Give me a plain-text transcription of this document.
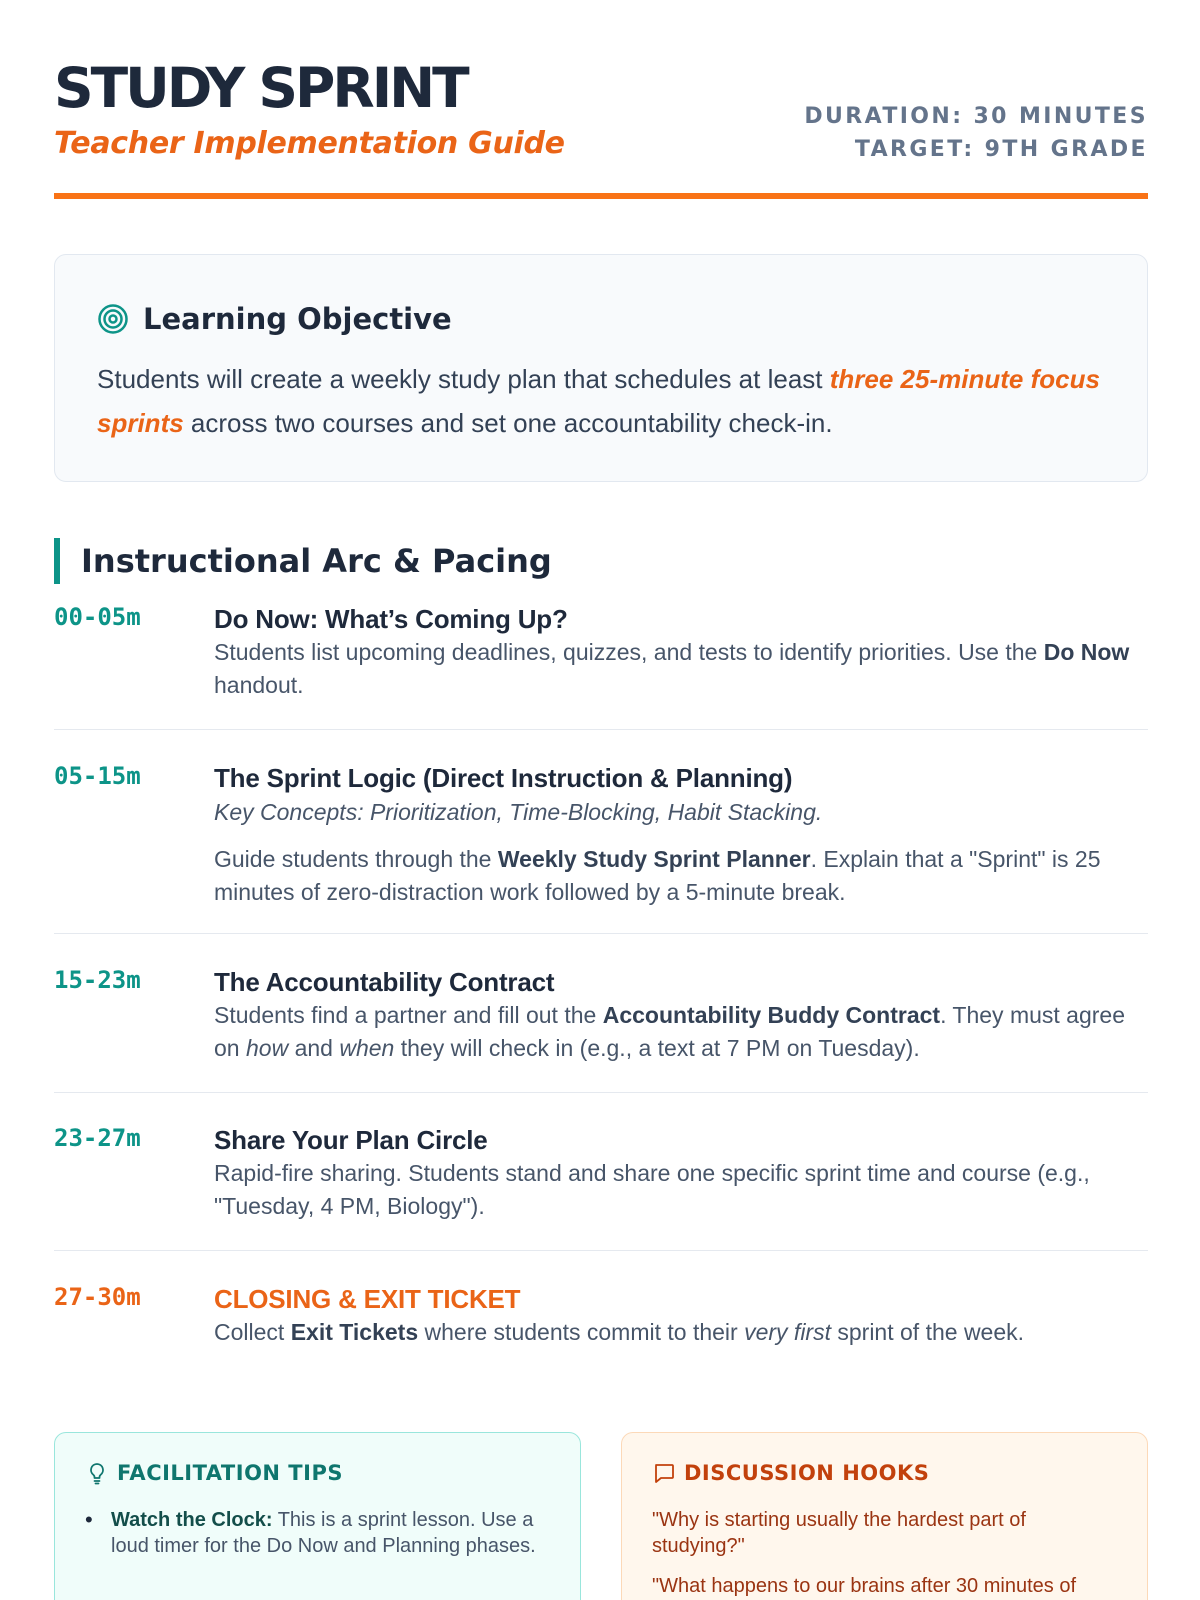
STUDY SPRINT
Teacher Implementation Guide
DURATION: 30 MINUTES
TARGET: 9TH GRADE
Learning Objective
Students will create a weekly study plan that schedules at least three 25-minute focus sprints across two courses and set one accountability check-in.
Instructional Arc & Pacing
00-05m	Do Now: What’s Coming Up?
Students list upcoming deadlines, quizzes, and tests to identify priorities. Use the Do Now handout.
05-15m	The Sprint Logic (Direct Instruction & Planning)
Key Concepts: Prioritization, Time-Blocking, Habit Stacking.
Guide students through the Weekly Study Sprint Planner. Explain that a "Sprint" is 25 minutes of zero-distraction work followed by a 5-minute break.
15-23m	The Accountability Contract
Students find a partner and fill out the Accountability Buddy Contract. They must agree on how and when they will check in (e.g., a text at 7 PM on Tuesday).
23-27m	Share Your Plan Circle
Rapid-fire sharing. Students stand and share one specific sprint time and course (e.g., "Tuesday, 4 PM, Biology").
27-30m	CLOSING & EXIT TICKET
Collect Exit Tickets where students commit to their very first sprint of the week.
FACILITATION TIPS
• Watch the Clock: This is a sprint lesson. Use a loud timer for the Do Now and Planning phases.
DISCUSSION HOOKS
"Why is starting usually the hardest part of studying?"
"What happens to our brains after 30 minutes of
